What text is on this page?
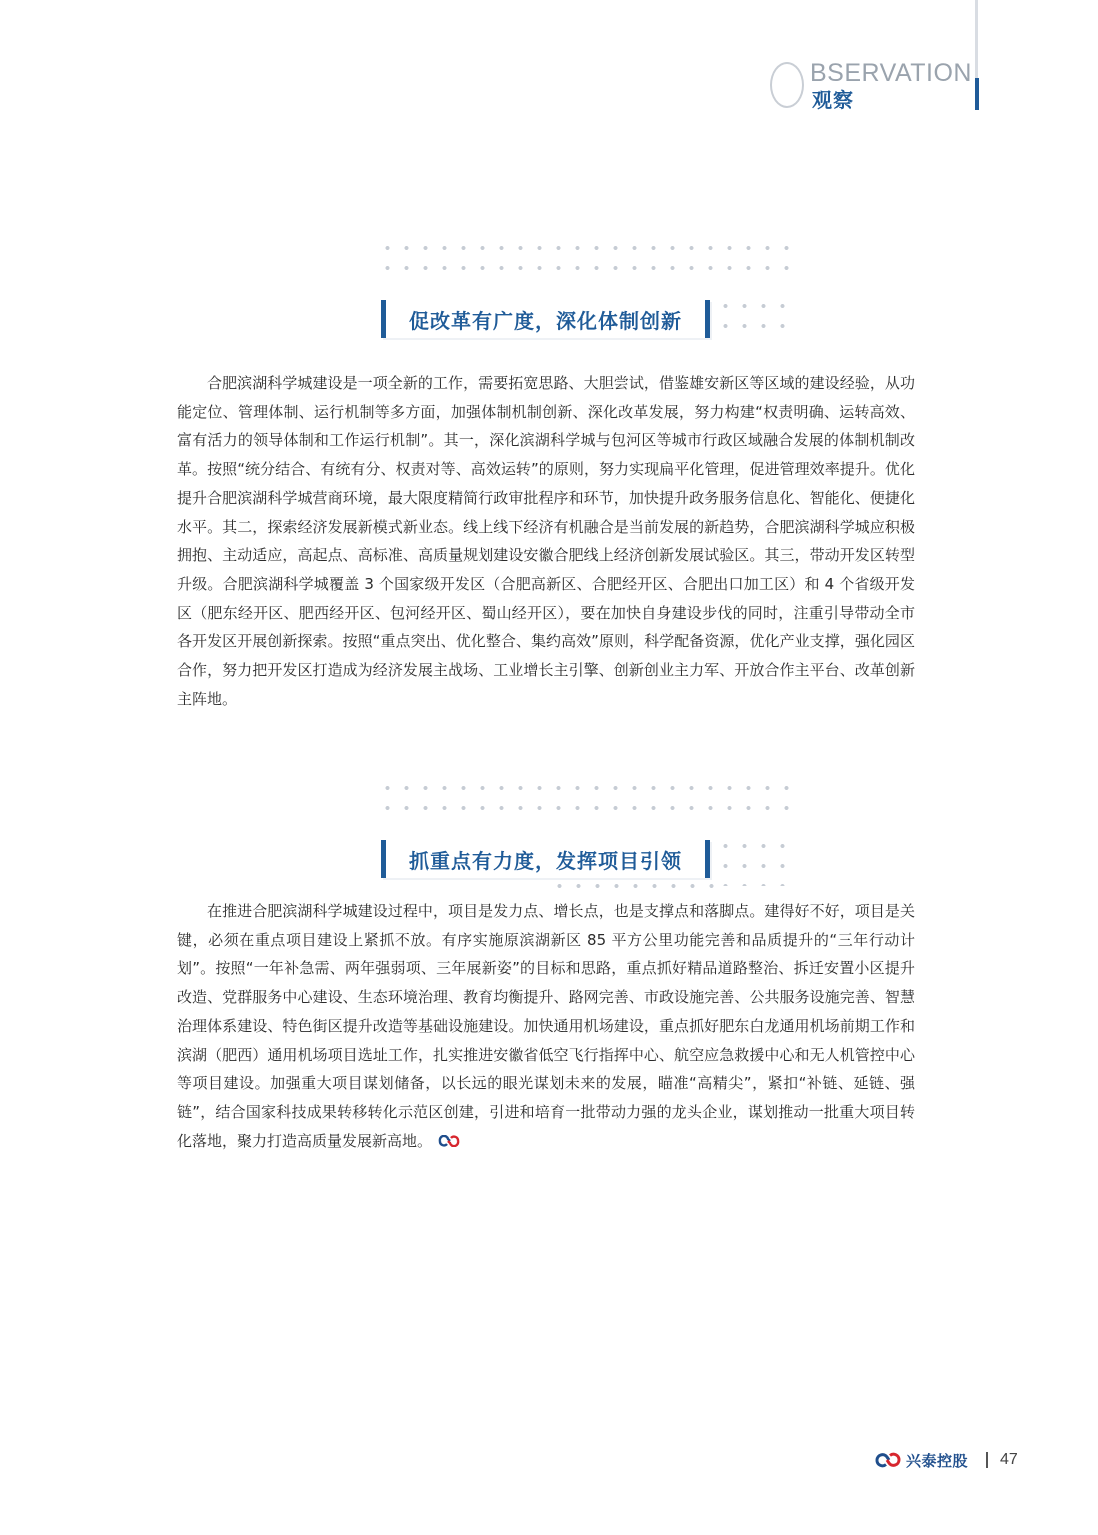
BSERVATION
观察
促改革有广度，深化体制创新

合肥滨湖科学城建设是一项全新的工作，需要拓宽思路、大胆尝试，借鉴雄安新区等区域的建设经验，从功能定位、管理体制、运行机制等多方面，加强体制机制创新、深化改革发展，努力构建“权责明确、运转高效、富有活力的领导体制和工作运行机制”。其一，深化滨湖科学城与包河区等城市行政区域融合发展的体制机制改革。按照“统分结合、有统有分、权责对等、高效运转”的原则，努力实现扁平化管理，促进管理效率提升。优化提升合肥滨湖科学城营商环境，最大限度精简行政审批程序和环节，加快提升政务服务信息化、智能化、便捷化水平。其二，探索经济发展新模式新业态。线上线下经济有机融合是当前发展的新趋势，合肥滨湖科学城应积极拥抱、主动适应，高起点、高标准、高质量规划建设安徽合肥线上经济创新发展试验区。其三，带动开发区转型升级。合肥滨湖科学城覆盖 3 个国家级开发区（合肥高新区、合肥经开区、合肥出口加工区）和 4 个省级开发区（肥东经开区、肥西经开区、包河经开区、蜀山经开区），要在加快自身建设步伐的同时，注重引导带动全市各开发区开展创新探索。按照“重点突出、优化整合、集约高效”原则，科学配备资源，优化产业支撑，强化园区合作，努力把开发区打造成为经济发展主战场、工业增长主引擎、创新创业主力军、开放合作主平台、改革创新主阵地。

抓重点有力度，发挥项目引领

在推进合肥滨湖科学城建设过程中，项目是发力点、增长点，也是支撑点和落脚点。建得好不好，项目是关键，必须在重点项目建设上紧抓不放。有序实施原滨湖新区 85 平方公里功能完善和品质提升的“三年行动计划”。按照“一年补急需、两年强弱项、三年展新姿”的目标和思路，重点抓好精品道路整治、拆迁安置小区提升改造、党群服务中心建设、生态环境治理、教育均衡提升、路网完善、市政设施完善、公共服务设施完善、智慧治理体系建设、特色街区提升改造等基础设施建设。加快通用机场建设，重点抓好肥东白龙通用机场前期工作和滨湖（肥西）通用机场项目选址工作，扎实推进安徽省低空飞行指挥中心、航空应急救援中心和无人机管控中心等项目建设。加强重大项目谋划储备，以长远的眼光谋划未来的发展，瞄准“高精尖”，紧扣“补链、延链、强链”，结合国家科技成果转移转化示范区创建，引进和培育一批带动力强的龙头企业，谋划推动一批重大项目转化落地，聚力打造高质量发展新高地。

兴泰控股 47
